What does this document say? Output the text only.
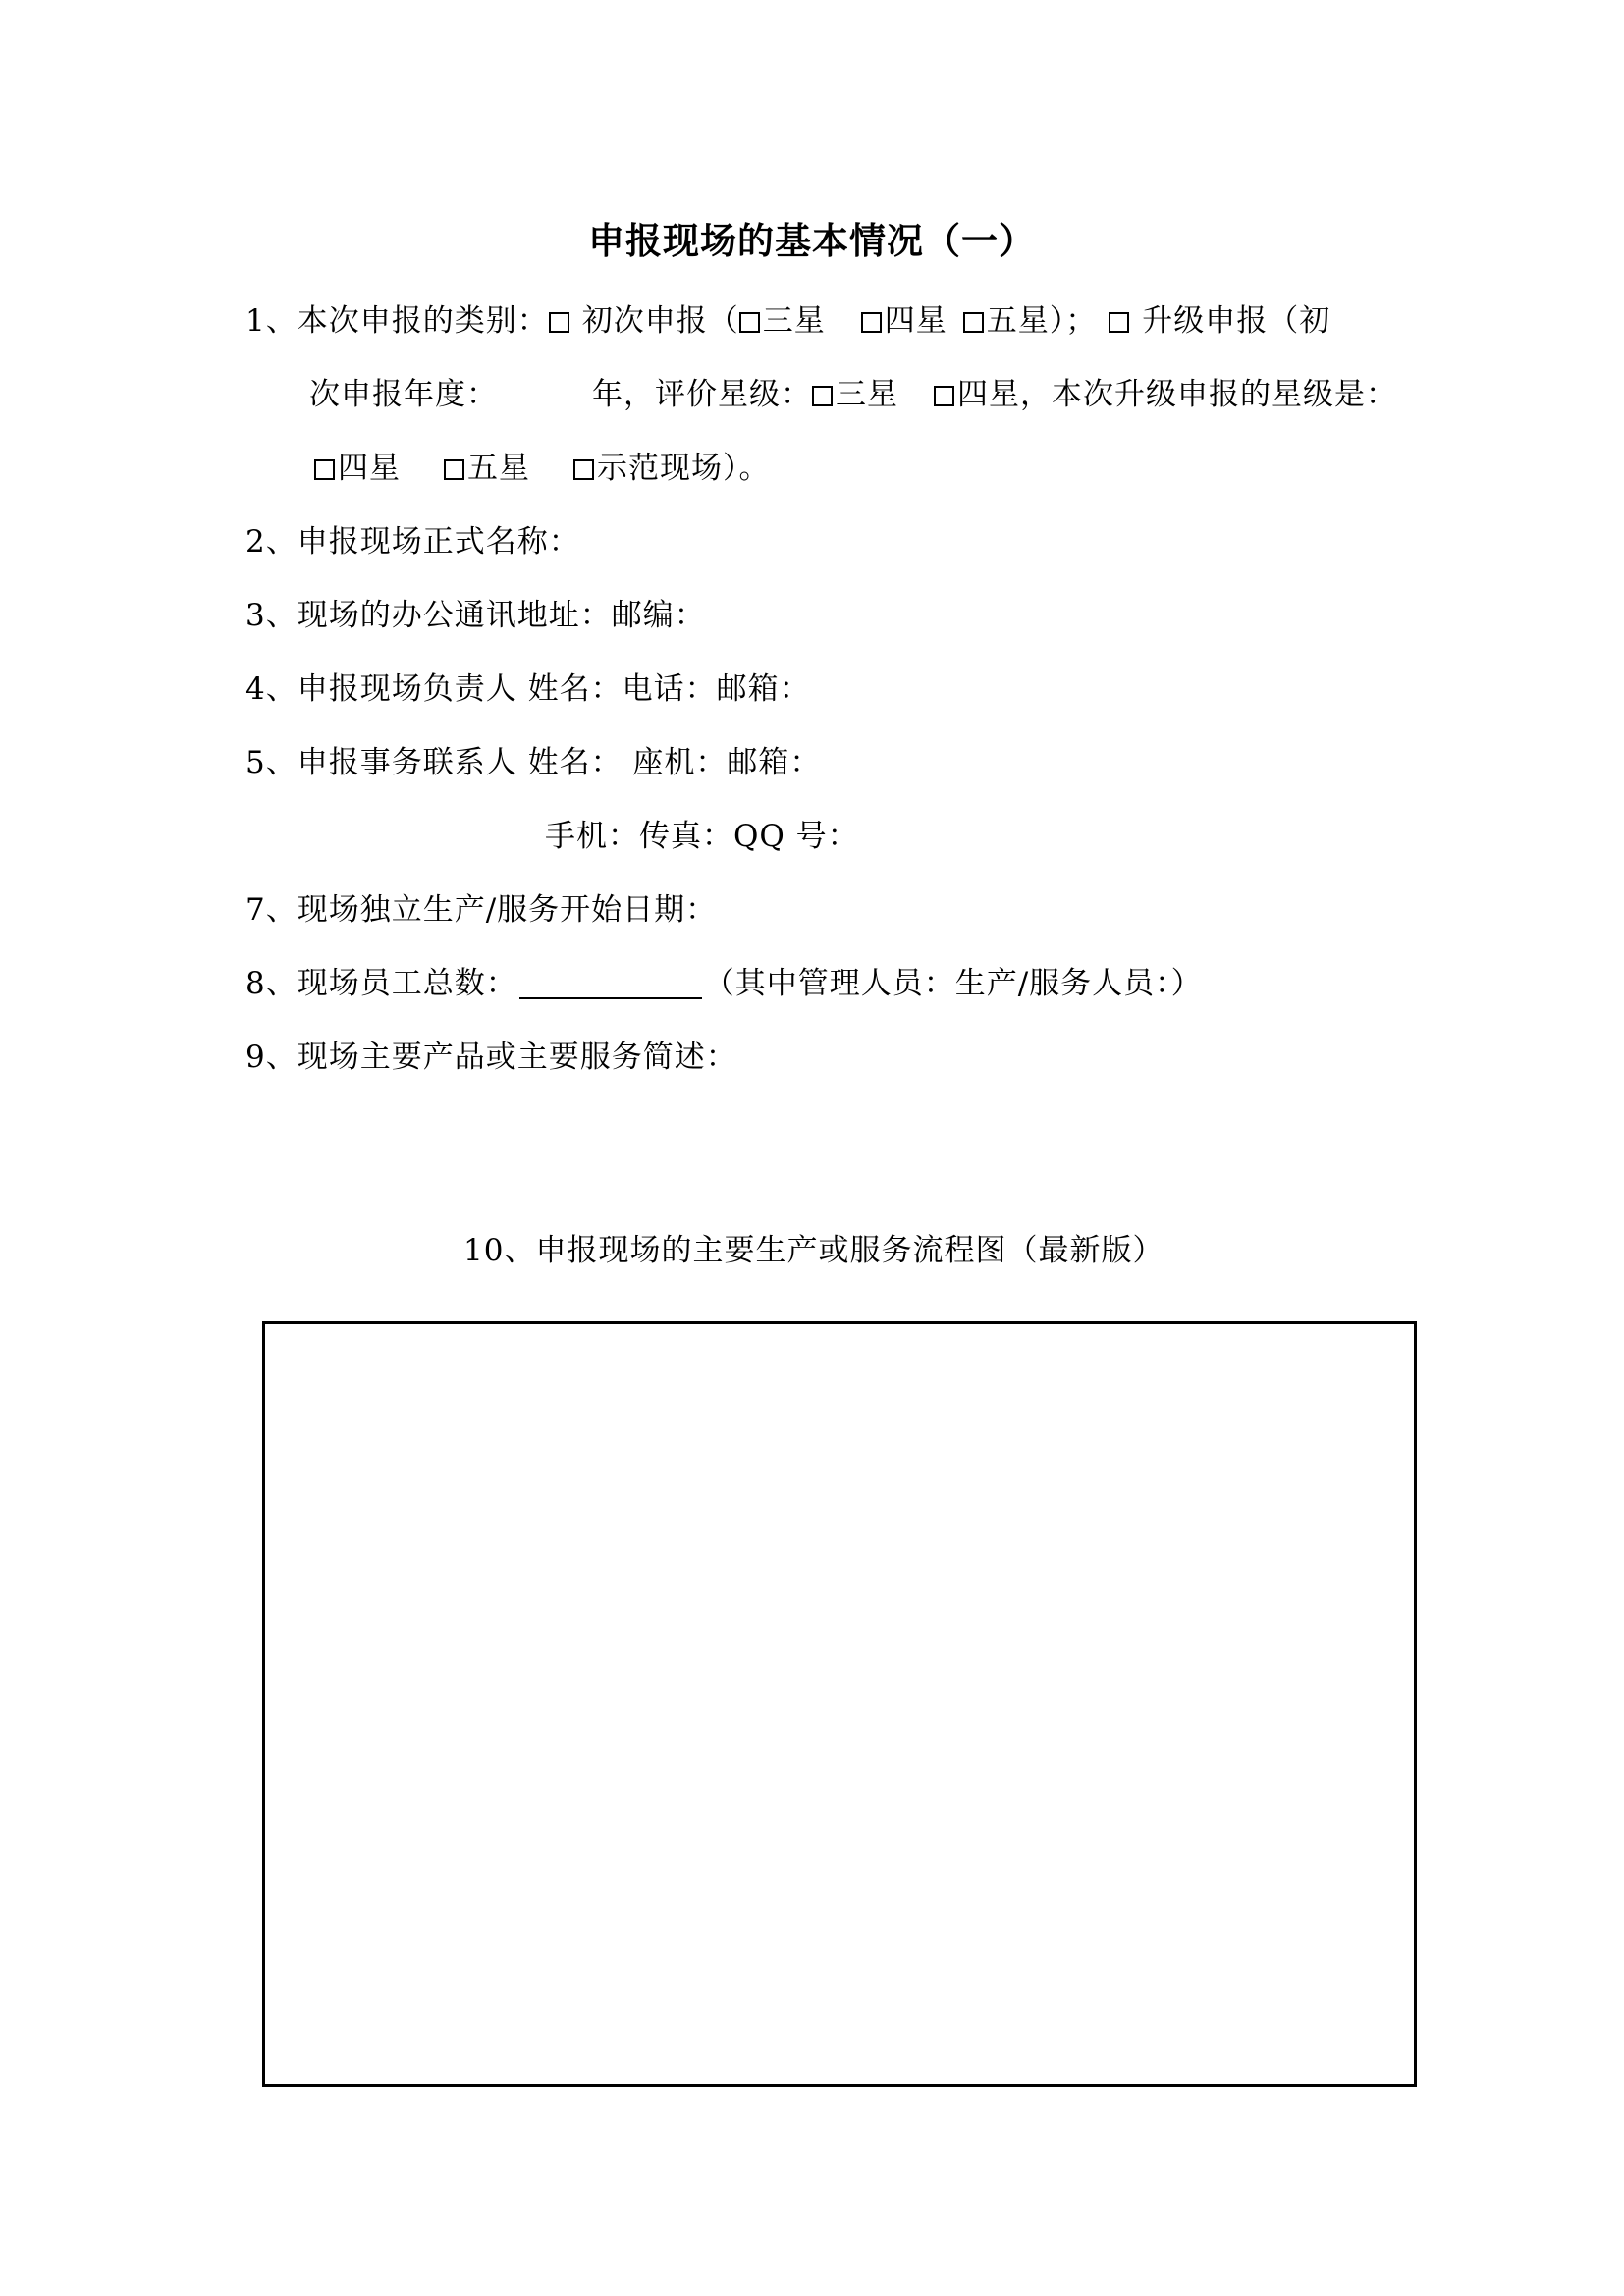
申报现场的基本情况（一）
1、本次申报的类别： 初次申报（ 三星 四星 五星）； 升级申报（初
次申报年度：	年，评价星级： 三星 四星，本次升级申报的星级是：
四星 五星 示范现场）。
2、申报现场正式名称：
3、现场的办公通讯地址：邮编：
4、申报现场负责人 姓名：电话：邮箱：
5、申报事务联系人 姓名： 座机：邮箱：
手机：传真：QQ 号：
7、现场独立生产/服务开始日期：
8、现场员工总数：	（其中管理人员：生产/服务人员：）
9、现场主要产品或主要服务简述：
10、申报现场的主要生产或服务流程图（最新版）
